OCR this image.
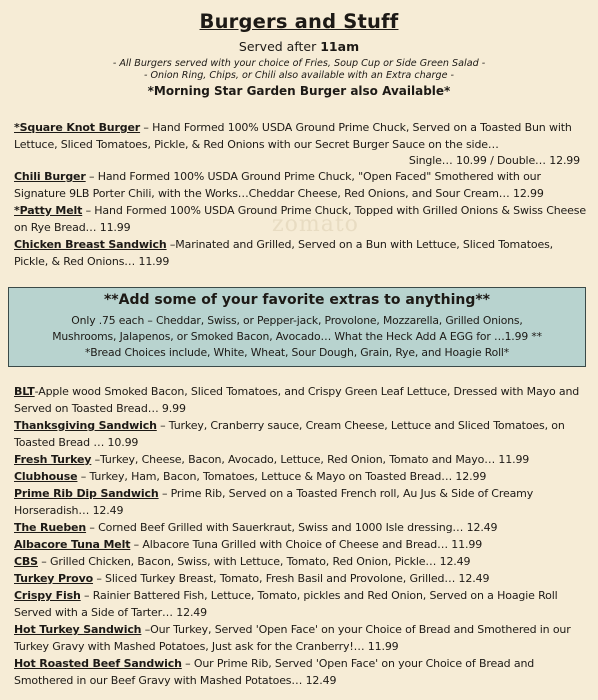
Burgers and Stuff
Served after 11am
- All Burgers served with your choice of Fries, Soup Cup or Side Green Salad -
- Onion Ring, Chips, or Chili also available with an Extra charge -
*Morning Star Garden Burger also Available*
zomato
*Square Knot Burger – Hand Formed 100% USDA Ground Prime Chuck, Served on a Toasted Bun with Lettuce, Sliced Tomatoes, Pickle, & Red Onions with our Secret Burger Sauce on the side…
Single… 10.99 / Double… 12.99
Chili Burger – Hand Formed 100% USDA Ground Prime Chuck, "Open Faced" Smothered with our Signature 9LB Porter Chili, with the Works…Cheddar Cheese, Red Onions, and Sour Cream… 12.99
*Patty Melt – Hand Formed 100% USDA Ground Prime Chuck, Topped with Grilled Onions & Swiss Cheese on Rye Bread… 11.99
Chicken Breast Sandwich –Marinated and Grilled, Served on a Bun with Lettuce, Sliced Tomatoes, Pickle, & Red Onions… 11.99
**Add some of your favorite extras to anything**
Only .75 each – Cheddar, Swiss, or Pepper-jack, Provolone, Mozzarella, Grilled Onions,
Mushrooms, Jalapenos, or Smoked Bacon, Avocado… What the Heck Add A EGG for …1.99 **
*Bread Choices include, White, Wheat, Sour Dough, Grain, Rye, and Hoagie Roll*
BLT-Apple wood Smoked Bacon, Sliced Tomatoes, and Crispy Green Leaf Lettuce, Dressed with Mayo and Served on Toasted Bread… 9.99
Thanksgiving Sandwich – Turkey, Cranberry sauce, Cream Cheese, Lettuce and Sliced Tomatoes, on Toasted Bread … 10.99
Fresh Turkey –Turkey, Cheese, Bacon, Avocado, Lettuce, Red Onion, Tomato and Mayo… 11.99
Clubhouse – Turkey, Ham, Bacon, Tomatoes, Lettuce & Mayo on Toasted Bread… 12.99
Prime Rib Dip Sandwich – Prime Rib, Served on a Toasted French roll, Au Jus & Side of Creamy Horseradish… 12.49
The Rueben – Corned Beef Grilled with Sauerkraut, Swiss and 1000 Isle dressing… 12.49
Albacore Tuna Melt – Albacore Tuna Grilled with Choice of Cheese and Bread… 11.99
CBS – Grilled Chicken, Bacon, Swiss, with Lettuce, Tomato, Red Onion, Pickle… 12.49
Turkey Provo – Sliced Turkey Breast, Tomato, Fresh Basil and Provolone, Grilled… 12.49
Crispy Fish – Rainier Battered Fish, Lettuce, Tomato, pickles and Red Onion, Served on a Hoagie Roll Served with a Side of Tarter… 12.49
Hot Turkey Sandwich –Our Turkey, Served 'Open Face' on your Choice of Bread and Smothered in our Turkey Gravy with Mashed Potatoes, Just ask for the Cranberry!… 11.99
Hot Roasted Beef Sandwich – Our Prime Rib, Served 'Open Face' on your Choice of Bread and Smothered in our Beef Gravy with Mashed Potatoes… 12.49
